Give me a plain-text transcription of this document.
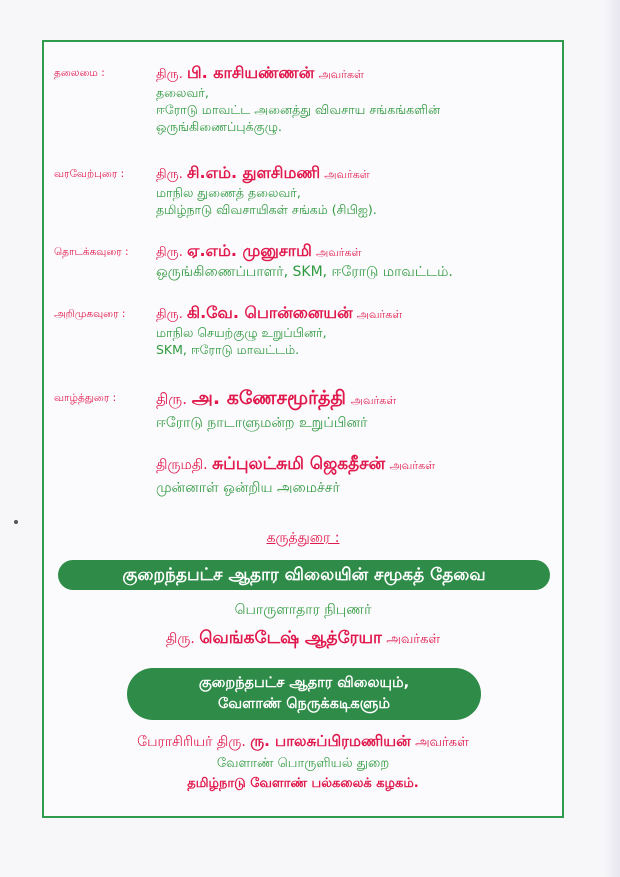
தலைமை :	திரு. பி. காசியண்ணன் அவர்கள்
தலைவர்,
ஈரோடு மாவட்ட அனைத்து விவசாய சங்கங்களின்
ஒருங்கிணைப்புக்குழு.
வரவேற்புரை : திரு. சி.எம். துளசிமணி அவர்கள்
மாநில துணைத் தலைவர்,
தமிழ்நாடு விவசாயிகள் சங்கம் (சிபிஐ).
தொடக்கவுரை : திரு. ஏ.எம். முனுசாமி அவர்கள்
ஒருங்கிணைப்பாளர், SKM, ஈரோடு மாவட்டம்.
அறிமுகவுரை : திரு. கி.வே. பொன்னையன் அவர்கள்
மாநில செயற்குழு உறுப்பினர்,
SKM, ஈரோடு மாவட்டம்.
வாழ்த்துரை :	திரு. அ. கணேசமூர்த்தி அவர்கள்
ஈரோடு நாடாளுமன்ற உறுப்பினர்
திருமதி. சுப்புலட்சுமி ஜெகதீசன் அவர்கள்
முன்னாள் ஒன்றிய அமைச்சர்
கருத்துரை :
குறைந்தபட்ச ஆதார விலையின் சமூகத் தேவை
பொருளாதார நிபுணர்
திரு. வெங்கடேஷ் ஆத்ரேயா அவர்கள்
குறைந்தபட்ச ஆதார விலையும்,
வேளாண் நெருக்கடிகளும்
பேராசிரியர் திரு. ரு. பாலசுப்பிரமணியன் அவர்கள்
வேளாண் பொருளியல் துறை
தமிழ்நாடு வேளாண் பல்கலைக் கழகம்.
